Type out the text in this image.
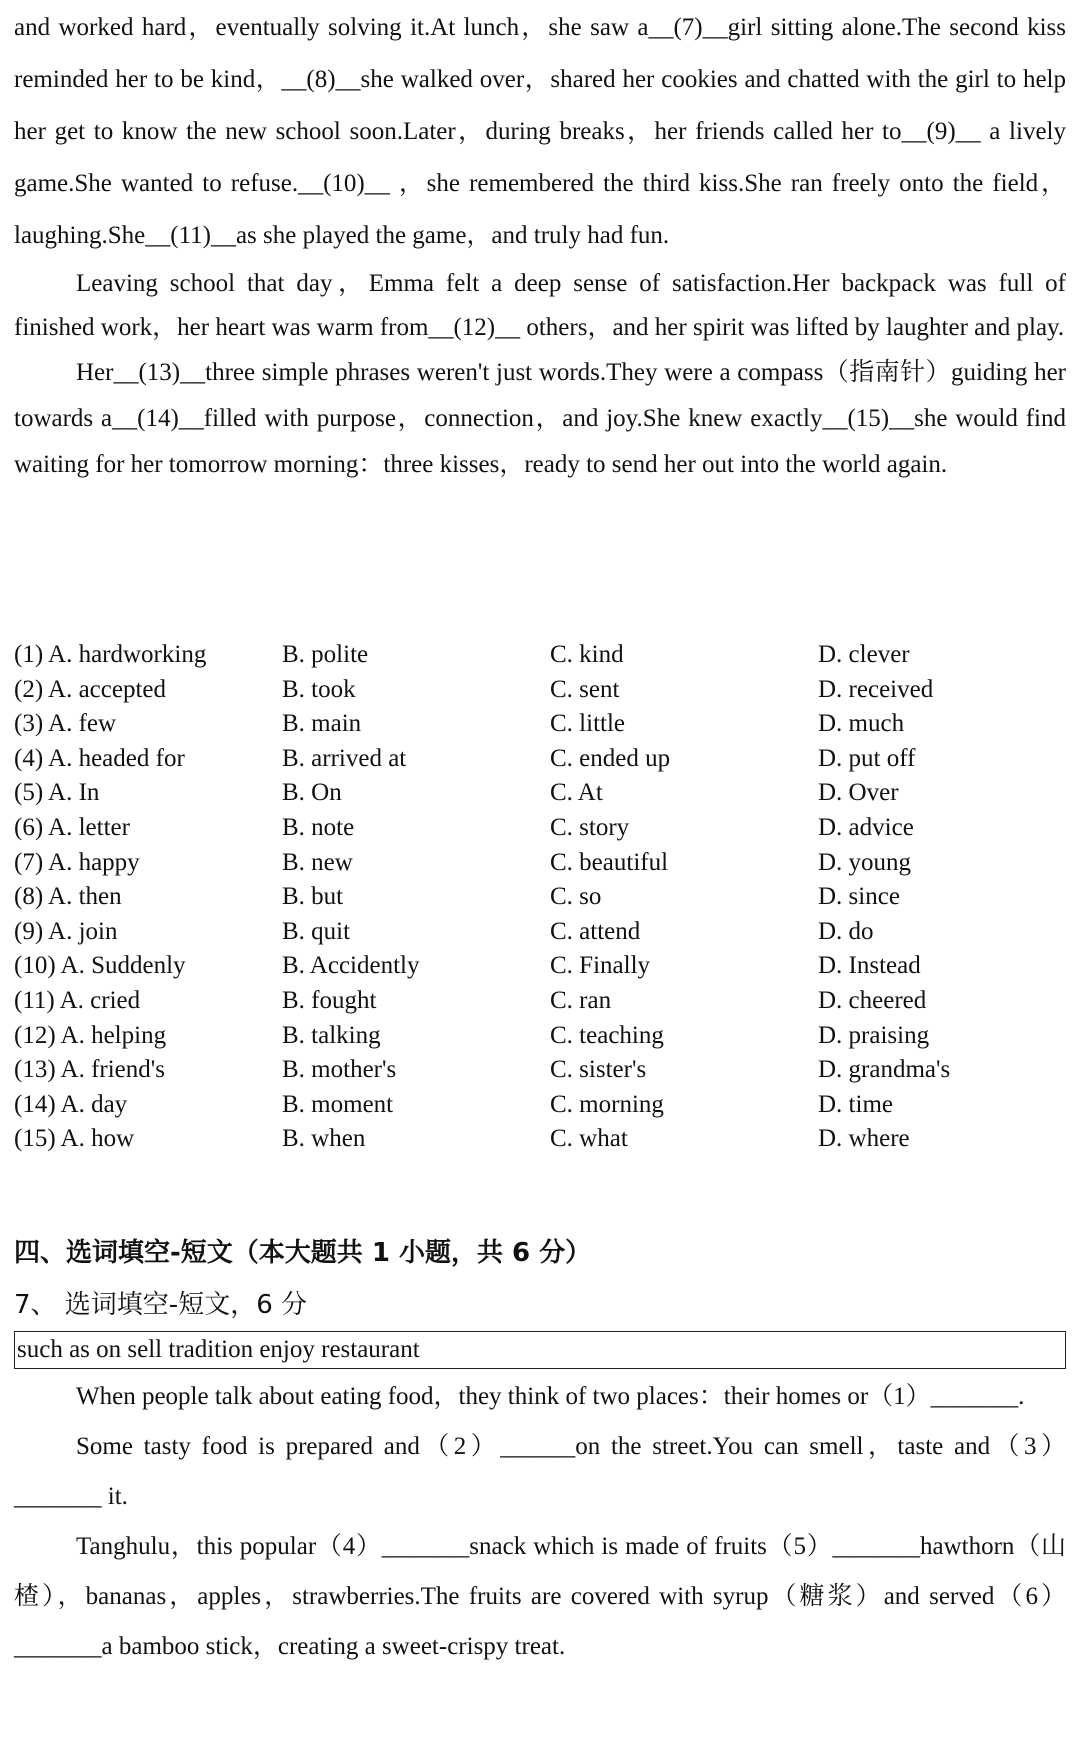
and worked hard，eventually solving it.At lunch，she saw a__(7)__girl sitting alone.The second kiss reminded her to be kind，__(8)__she walked over，shared her cookies and chatted with the girl to help her get to know the new school soon.Later，during breaks，her friends called her to__(9)__ a lively game.She wanted to refuse.__(10)__ ，she remembered the third kiss.She ran freely onto the field，laughing.She__(11)__as she played the game，and truly had fun.

Leaving school that day，Emma felt a deep sense of satisfaction.Her backpack was full of finished work，her heart was warm from__(12)__ others，and her spirit was lifted by laughter and play.

Her__(13)__three simple phrases weren't just words.They were a compass（指南针）guiding her towards a__(14)__filled with purpose，connection，and joy.She knew exactly__(15)__she would find waiting for her tomorrow morning：three kisses，ready to send her out into the world again.

(1) A. hardworking	B. polite	C. kind	D. clever
(2) A. accepted	B. took	C. sent	D. received
(3) A. few	B. main	C. little	D. much
(4) A. headed for	B. arrived at	C. ended up	D. put off
(5) A. In	B. On	C. At	D. Over
(6) A. letter	B. note	C. story	D. advice
(7) A. happy	B. new	C. beautiful	D. young
(8) A. then	B. but	C. so	D. since
(9) A. join	B. quit	C. attend	D. do
(10) A. Suddenly	B. Accidently	C. Finally	D. Instead
(11) A. cried	B. fought	C. ran	D. cheered
(12) A. helping	B. talking	C. teaching	D. praising
(13) A. friend's	B. mother's	C. sister's	D. grandma's
(14) A. day	B. moment	C. morning	D. time
(15) A. how	B. when	C. what	D. where
四、选词填空-短文（本大题共 1 小题，共 6 分）
7、 选词填空-短文，6 分
such as on sell tradition enjoy restaurant

When people talk about eating food，they think of two places：their homes or（1）_______.

Some tasty food is prepared and（2）______on the street.You can smell，taste and（3）_______ it.

Tanghulu，this popular（4）_______snack which is made of fruits（5）_______hawthorn（山楂），bananas，apples，strawberries.The fruits are covered with syrup（糖浆）and served（6）_______a bamboo stick，creating a sweet-crispy treat.
